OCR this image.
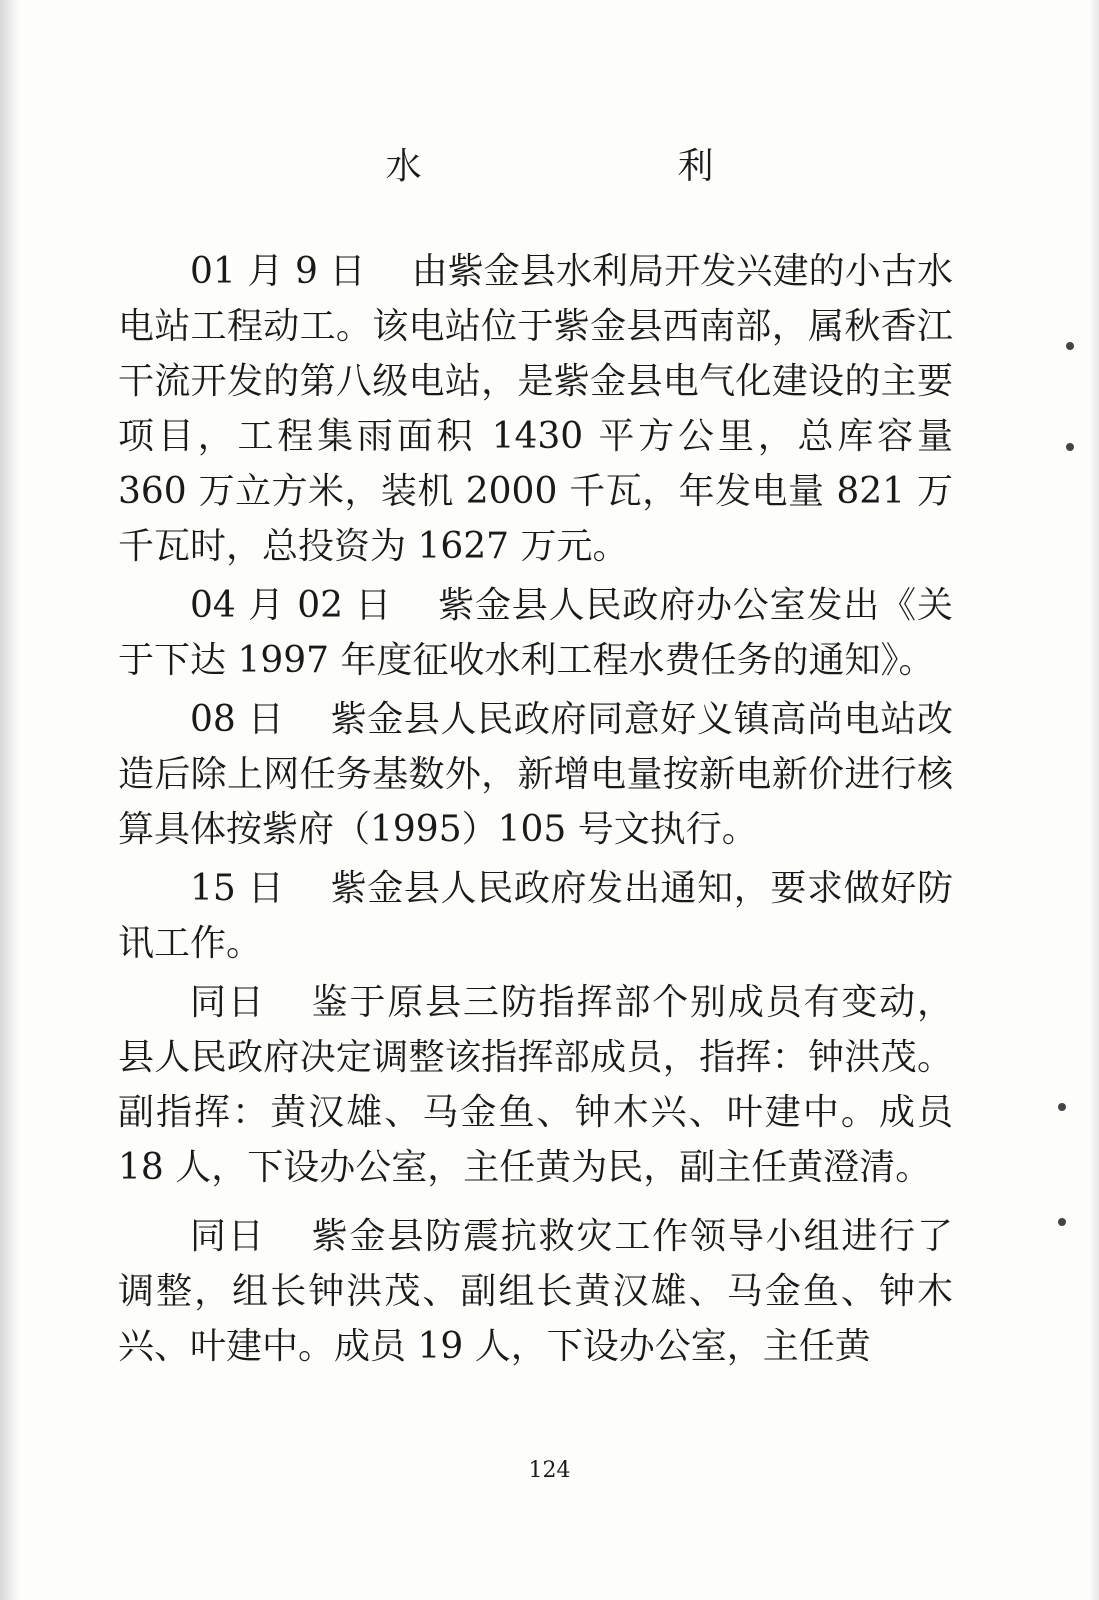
水　利

01 月 9 日 由紫金县水利局开发兴建的小古水电站工程动工。该电站位于紫金县西南部，属秋香江干流开发的第八级电站，是紫金县电气化建设的主要项目，工程集雨面积 1430 平方公里，总库容量 360 万立方米，装机 2000 千瓦，年发电量 821 万千瓦时，总投资为 1627 万元。

04 月 02 日 紫金县人民政府办公室发出《关于下达 1997 年度征收水利工程水费任务的通知》。

08 日 紫金县人民政府同意好义镇高尚电站改造后除上网任务基数外，新增电量按新电新价进行核算具体按紫府（1995）105 号文执行。

15 日 紫金县人民政府发出通知，要求做好防讯工作。

同日 鉴于原县三防指挥部个别成员有变动，县人民政府决定调整该指挥部成员，指挥：钟洪茂。副指挥：黄汉雄、马金鱼、钟木兴、叶建中。成员 18 人，下设办公室，主任黄为民，副主任黄澄清。

同日 紫金县防震抗救灾工作领导小组进行了调整，组长钟洪茂、副组长黄汉雄、马金鱼、钟木兴、叶建中。成员 19 人，下设办公室，主任黄

124
